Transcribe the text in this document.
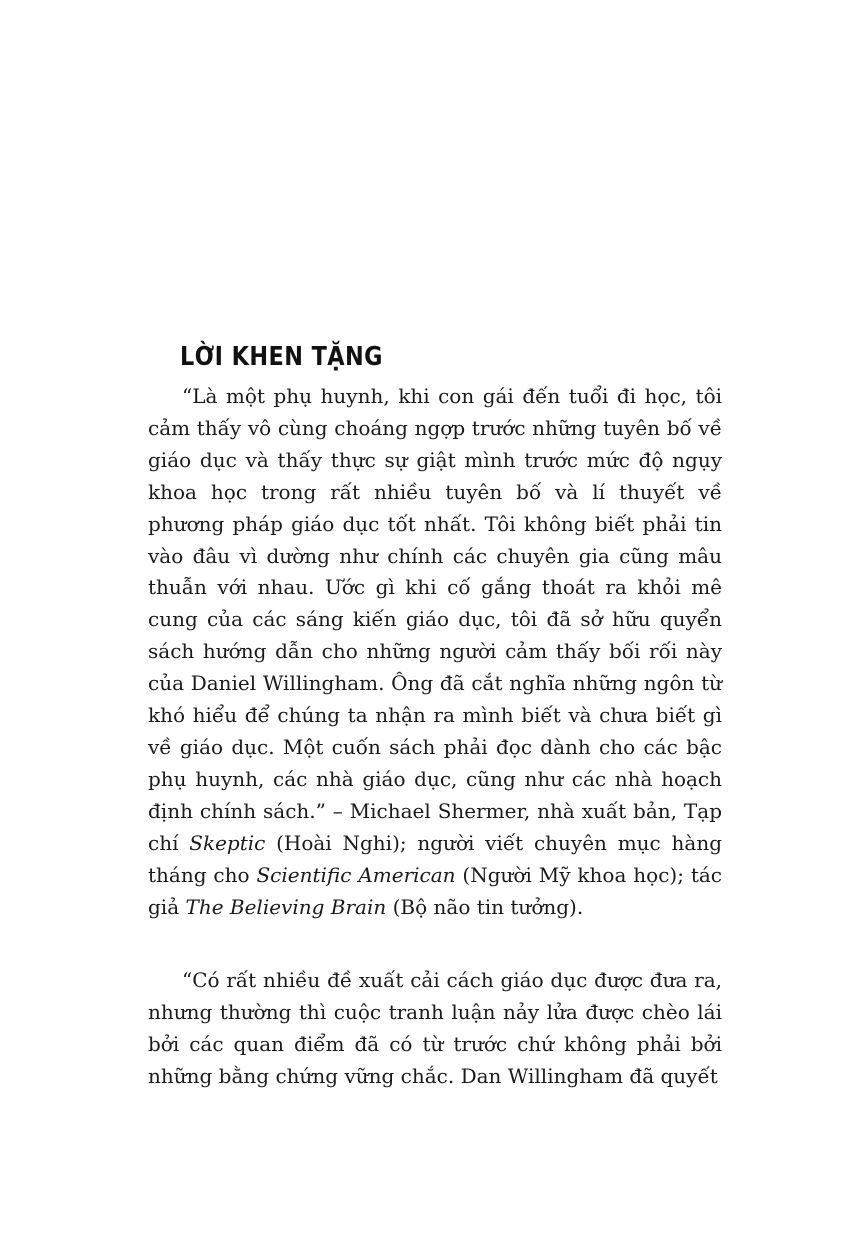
LỜI KHEN TẶNG

“Là một phụ huynh, khi con gái đến tuổi đi học, tôi cảm thấy vô cùng choáng ngợp trước những tuyên bố về giáo dục và thấy thực sự giật mình trước mức độ ngụy khoa học trong rất nhiều tuyên bố và lí thuyết về phương pháp giáo dục tốt nhất. Tôi không biết phải tin vào đâu vì dường như chính các chuyên gia cũng mâu thuẫn với nhau. Ước gì khi cố gắng thoát ra khỏi mê cung của các sáng kiến giáo dục, tôi đã sở hữu quyển sách hướng dẫn cho những người cảm thấy bối rối này của Daniel Willingham. Ông đã cắt nghĩa những ngôn từ khó hiểu để chúng ta nhận ra mình biết và chưa biết gì về giáo dục. Một cuốn sách phải đọc dành cho các bậc phụ huynh, các nhà giáo dục, cũng như các nhà hoạch định chính sách.” – Michael Shermer, nhà xuất bản, Tạp chí Skeptic (Hoài Nghi); người viết chuyên mục hàng tháng cho Scientific American (Người Mỹ khoa học); tác giả The Believing Brain (Bộ não tin tưởng).

“Có rất nhiều đề xuất cải cách giáo dục được đưa ra, nhưng thường thì cuộc tranh luận nảy lửa được chèo lái bởi các quan điểm đã có từ trước chứ không phải bởi những bằng chứng vững chắc. Dan Willingham đã quyết
